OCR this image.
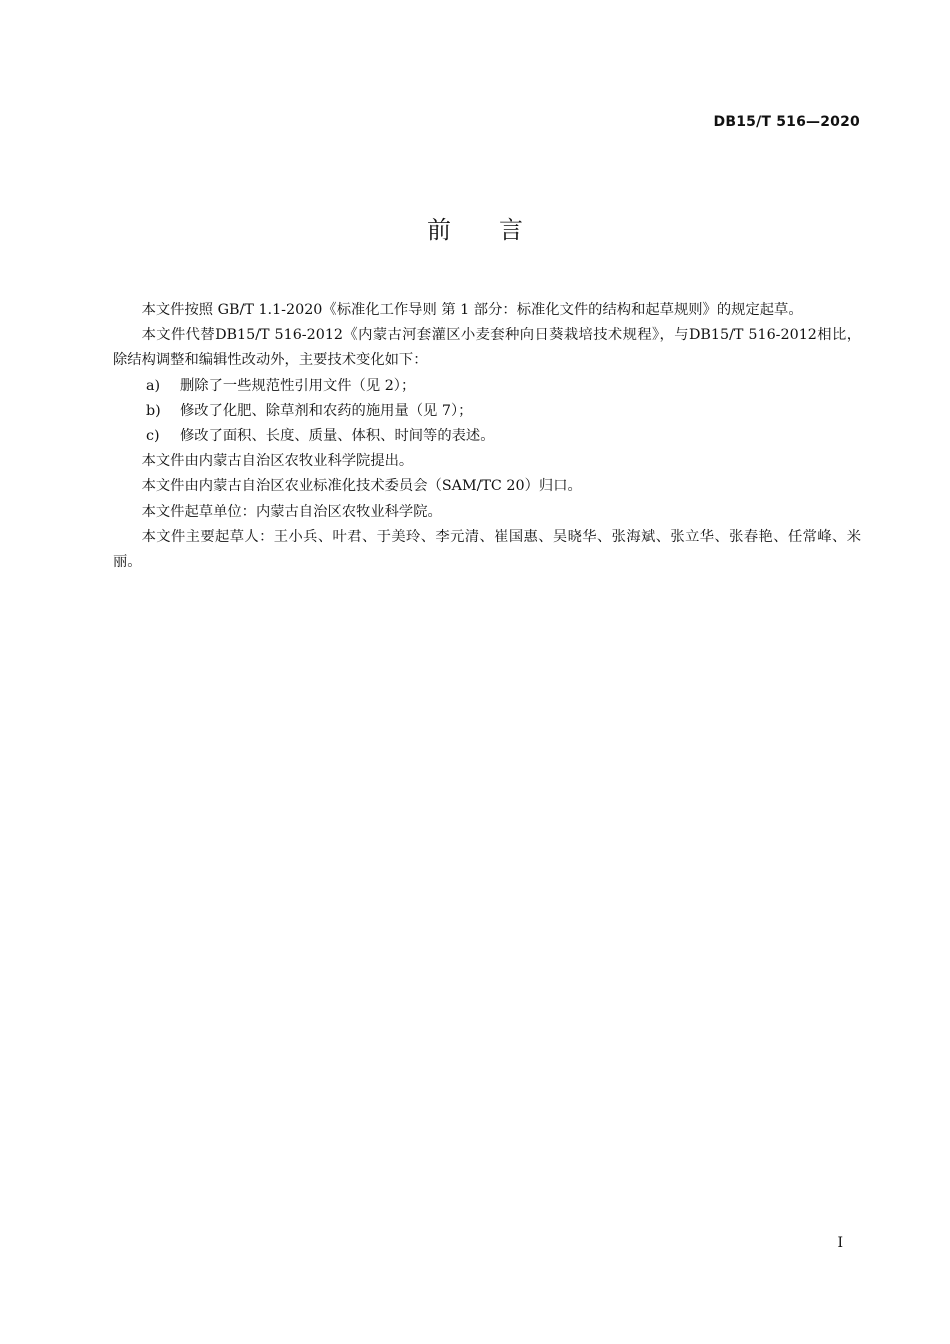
DB15/T 516—2020
前言

本文件按照 GB/T 1.1-2020《标准化工作导则 第 1 部分：标准化文件的结构和起草规则》的规定起草。

本文件代替DB15/T 516-2012《内蒙古河套灌区小麦套种向日葵栽培技术规程》，与DB15/T 516-2012相比，除结构调整和编辑性改动外，主要技术变化如下：

a) 删除了一些规范性引用文件（见 2）；

b) 修改了化肥、除草剂和农药的施用量（见 7）；

c) 修改了面积、长度、质量、体积、时间等的表述。

本文件由内蒙古自治区农牧业科学院提出。

本文件由内蒙古自治区农业标准化技术委员会（SAM/TC 20）归口。

本文件起草单位：内蒙古自治区农牧业科学院。

本文件主要起草人：王小兵、叶君、于美玲、李元清、崔国惠、吴晓华、张海斌、张立华、张春艳、任常峰、米丽。

I
